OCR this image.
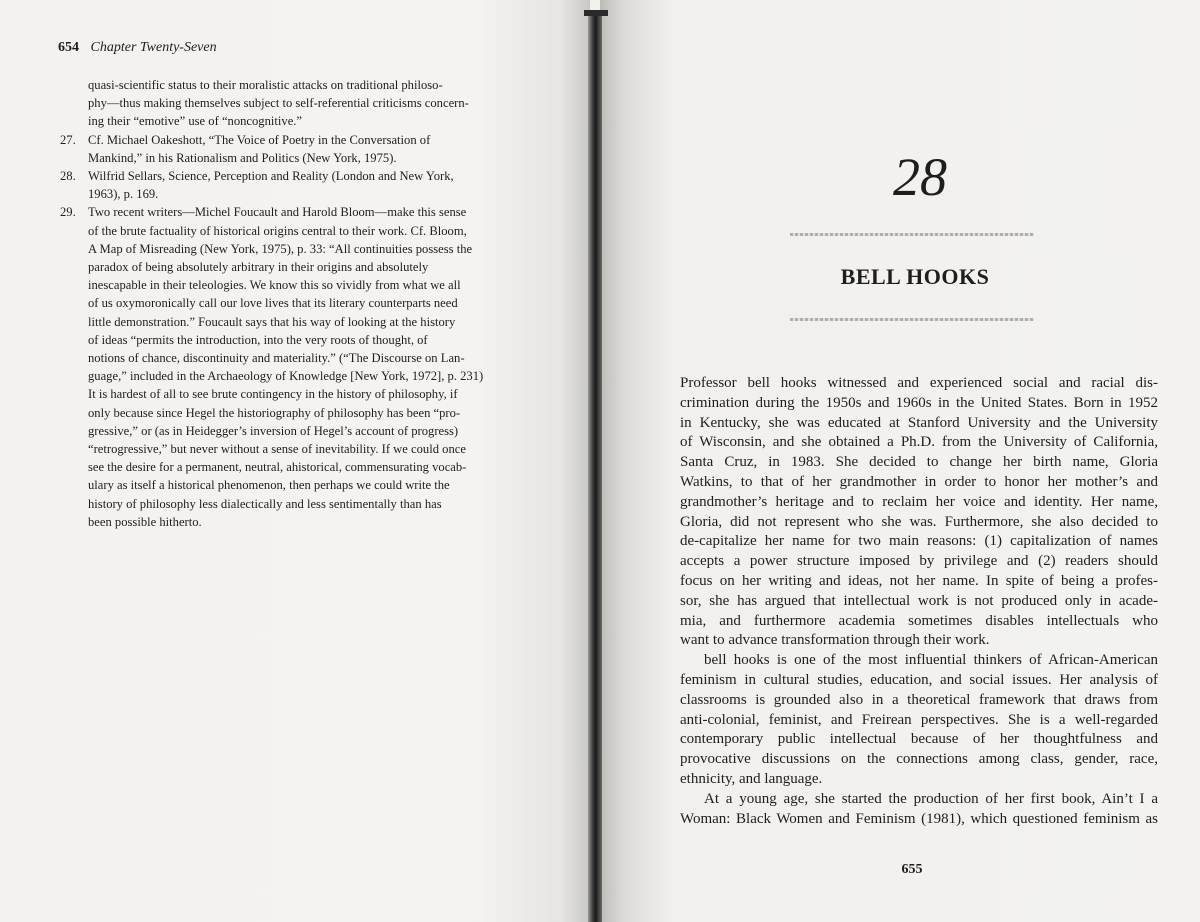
654 Chapter Twenty-Seven
quasi-scientific status to their moralistic attacks on traditional philoso-
phy—thus making themselves subject to self-referential criticisms concern-
ing their “emotive” use of “noncognitive.”
27. Cf. Michael Oakeshott, “The Voice of Poetry in the Conversation of
Mankind,” in his Rationalism and Politics (New York, 1975).
28. Wilfrid Sellars, Science, Perception and Reality (London and New York,
1963), p. 169.
29. Two recent writers—Michel Foucault and Harold Bloom—make this sense
of the brute factuality of historical origins central to their work. Cf. Bloom,
A Map of Misreading (New York, 1975), p. 33: “All continuities possess the
paradox of being absolutely arbitrary in their origins and absolutely
inescapable in their teleologies. We know this so vividly from what we all
of us oxymoronically call our love lives that its literary counterparts need
little demonstration.” Foucault says that his way of looking at the history
of ideas “permits the introduction, into the very roots of thought, of
notions of chance, discontinuity and materiality.” (“The Discourse on Lan-
guage,” included in the Archaeology of Knowledge [New York, 1972], p. 231)
It is hardest of all to see brute contingency in the history of philosophy, if
only because since Hegel the historiography of philosophy has been “pro-
gressive,” or (as in Heidegger’s inversion of Hegel’s account of progress)
“retrogressive,” but never without a sense of inevitability. If we could once
see the desire for a permanent, neutral, ahistorical, commensurating vocab-
ulary as itself a historical phenomenon, then perhaps we could write the
history of philosophy less dialectically and less sentimentally than has
been possible hitherto.
28
BELL HOOKS
Professor bell hooks witnessed and experienced social and racial dis-
crimination during the 1950s and 1960s in the United States. Born in 1952
in Kentucky, she was educated at Stanford University and the University
of Wisconsin, and she obtained a Ph.D. from the University of California,
Santa Cruz, in 1983. She decided to change her birth name, Gloria
Watkins, to that of her grandmother in order to honor her mother’s and
grandmother’s heritage and to reclaim her voice and identity. Her name,
Gloria, did not represent who she was. Furthermore, she also decided to
de-capitalize her name for two main reasons: (1) capitalization of names
accepts a power structure imposed by privilege and (2) readers should
focus on her writing and ideas, not her name. In spite of being a profes-
sor, she has argued that intellectual work is not produced only in acade-
mia, and furthermore academia sometimes disables intellectuals who
want to advance transformation through their work.
bell hooks is one of the most influential thinkers of African-American
feminism in cultural studies, education, and social issues. Her analysis of
classrooms is grounded also in a theoretical framework that draws from
anti-colonial, feminist, and Freirean perspectives. She is a well-regarded
contemporary public intellectual because of her thoughtfulness and
provocative discussions on the connections among class, gender, race,
ethnicity, and language.
At a young age, she started the production of her first book, Ain’t I a
Woman: Black Women and Feminism (1981), which questioned feminism as
655
